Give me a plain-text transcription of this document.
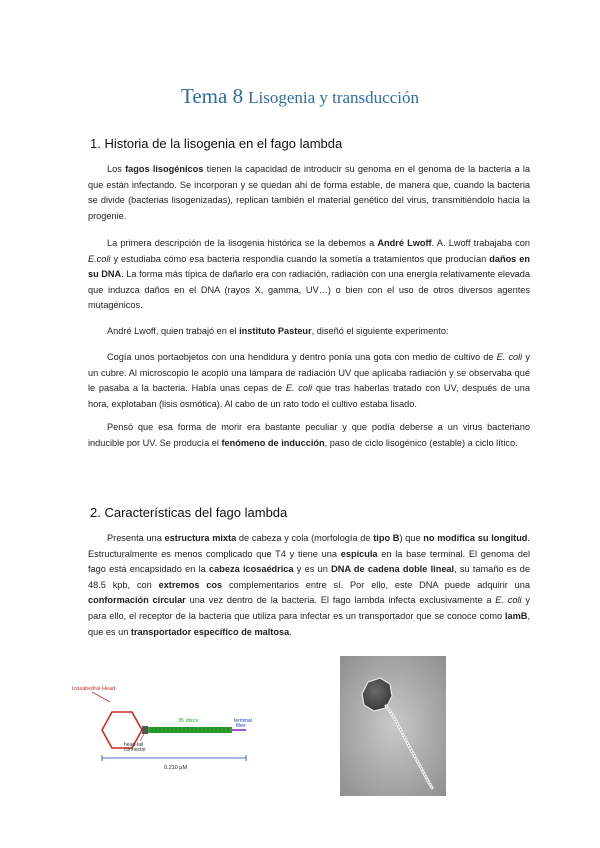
Tema 8 Lisogenia y transducción
1. Historia de la lisogenia en el fago lambda

Los fagos lisogénicos tienen la capacidad de introducir su genoma en el genoma de la bacteria a la que están infectando. Se incorporan y se quedan ahí de forma estable, de manera que, cuando la bacteria se divide (bacterias lisogenizadas), replican también el material genético del virus, transmitiéndolo hacia la progenie.

La primera descripción de la lisogenia histórica se la debemos a André Lwoff. A. Lwoff trabajaba con E.coli y estudiaba cómo esa bacteria respondía cuando la sometía a tratamientos que producían daños en su DNA. La forma más típica de dañarlo era con radiación, radiación con una energía relativamente elevada que induzca daños en el DNA (rayos X, gamma, UV…) o bien con el uso de otros diversos agentes mutagénicos.

André Lwoff, quien trabajó en el instituto Pasteur, diseñó el siguiente experimento:

Cogía unos portaobjetos con una hendidura y dentro ponía una gota con medio de cultivo de E. coli y un cubre. Al microscopio le acopló una lámpara de radiación UV que aplicaba radiación y se observaba qué le pasaba a la bacteria. Había unas cepas de E. coli que tras haberlas tratado con UV, después de una hora, explotaban (lisis osmótica). Al cabo de un rato todo el cultivo estaba lisado.

Pensó que esa forma de morir era bastante peculiar y que podía deberse a un virus bacteriano inducible por UV. Se producía el fenómeno de inducción, paso de ciclo lisogénico (estable) a ciclo lítico.

2. Características del fago lambda

Presenta una estructura mixta de cabeza y cola (morfología de tipo B) que no modifica su longitud. Estructuralmente es menos complicado que T4 y tiene una espícula en la base terminal. El genoma del fago está encapsidado en la cabeza icosaédrica y es un DNA de cadena doble lineal, su tamaño es de 48.5 kpb, con extremos cos complementarios entre sí. Por ello, este DNA puede adquirir una conformación circular una vez dentro de la bacteria. El fago lambda infecta exclusivamente a E. coli y para ello, el receptor de la bacteria que utiliza para infectar es un transportador que se conoce como lamB, que es un transportador específico de maltosa.

Icosahedral Head
35 discs	terminal
fiber
head-tail
connector
0.210 μM
